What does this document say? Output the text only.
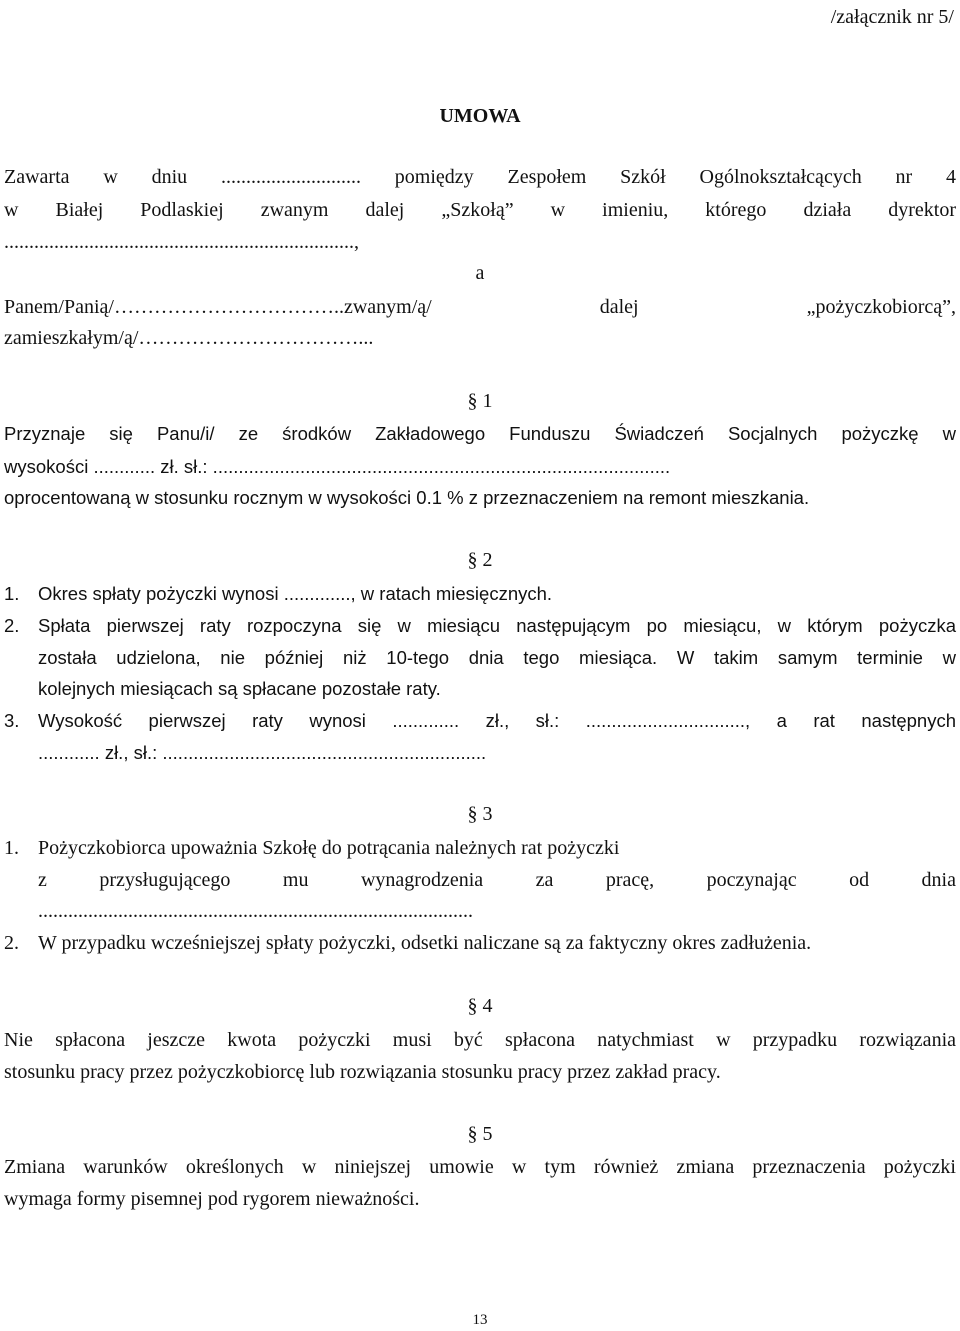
/załącznik nr 5/
UMOWA
Zawarta w dniu ............................ pomiędzy Zespołem Szkół Ogólnokształcących nr 4
w Białej Podlaskiej zwanym dalej „Szkołą” w imieniu, którego działa dyrektor
......................................................................,
a
Panem/Panią/……………………………..zwanym/ą/ dalej „pożyczkobiorcą”,
zamieszkałym/ą/……………………………...
§ 1
Przyznaje się Panu/i/ ze środków Zakładowego Funduszu Świadczeń Socjalnych pożyczkę w
wysokości ............ zł. sł.: .........................................................................................
oprocentowaną w stosunku rocznym w wysokości 0.1 % z przeznaczeniem na remont mieszkania.
§ 2
1. Okres spłaty pożyczki wynosi ............., w ratach miesięcznych.
2. Spłata pierwszej raty rozpoczyna się w miesiącu następującym po miesiącu, w którym pożyczka
została udzielona, nie później niż 10-tego dnia tego miesiąca. W takim samym terminie w
kolejnych miesiącach są spłacane pozostałe raty.
3. Wysokość pierwszej raty wynosi ............. zł., sł.: ..............................., a rat następnych
............ zł., sł.: ...............................................................
§ 3
1. Pożyczkobiorca upoważnia Szkołę do potrącania należnych rat pożyczki
z przysługującego mu wynagrodzenia za pracę, poczynając od dnia
.......................................................................................
2. W przypadku wcześniejszej spłaty pożyczki, odsetki naliczane są za faktyczny okres zadłużenia.
§ 4
Nie spłacona jeszcze kwota pożyczki musi być spłacona natychmiast w przypadku rozwiązania
stosunku pracy przez pożyczkobiorcę lub rozwiązania stosunku pracy przez zakład pracy.
§ 5
Zmiana warunków określonych w niniejszej umowie w tym również zmiana przeznaczenia pożyczki
wymaga formy pisemnej pod rygorem nieważności.
13
